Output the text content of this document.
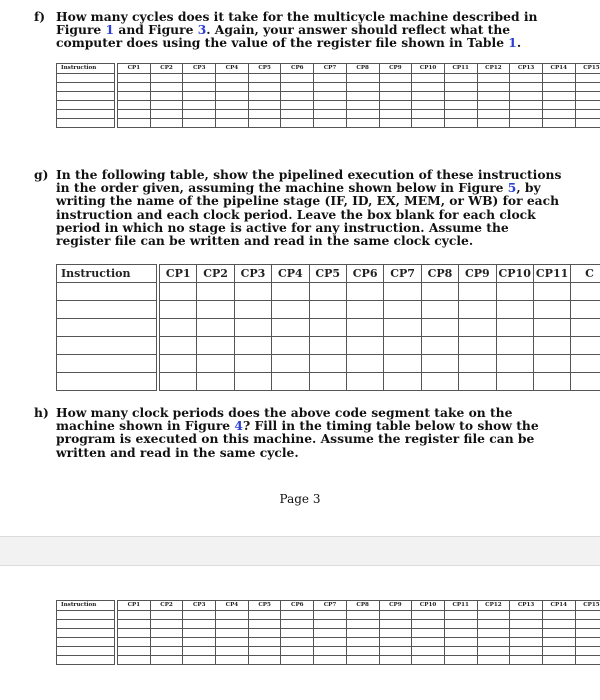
f) How many cycles does it take for the multicycle machine described in Figure 1 and Figure 3. Again, your answer should reflect what the computer does using the value of the register file shown in Table 1.
Instruction		CP1	CP2	CP3	CP4	CP5	CP6	CP7	CP8	CP9	CP10	CP11	CP12	CP13	CP14	CP15

g) In the following table, show the pipelined execution of these instructions in the order given, assuming the machine shown below in Figure 5, by writing the name of the pipeline stage (IF, ID, EX, MEM, or WB) for each instruction and each clock period. Leave the box blank for each clock period in which no stage is active for any instruction. Assume the register file can be written and read in the same clock cycle.
Instruction		CP1	CP2	CP3	CP4	CP5	CP6	CP7	CP8	CP9	CP10	CP11	C

h) How many clock periods does the above code segment take on the machine shown in Figure 4? Fill in the timing table below to show the program is executed on this machine. Assume the register file can be written and read in the same cycle.
Page 3
Instruction		CP1	CP2	CP3	CP4	CP5	CP6	CP7	CP8	CP9	CP10	CP11	CP12	CP13	CP14	CP15
